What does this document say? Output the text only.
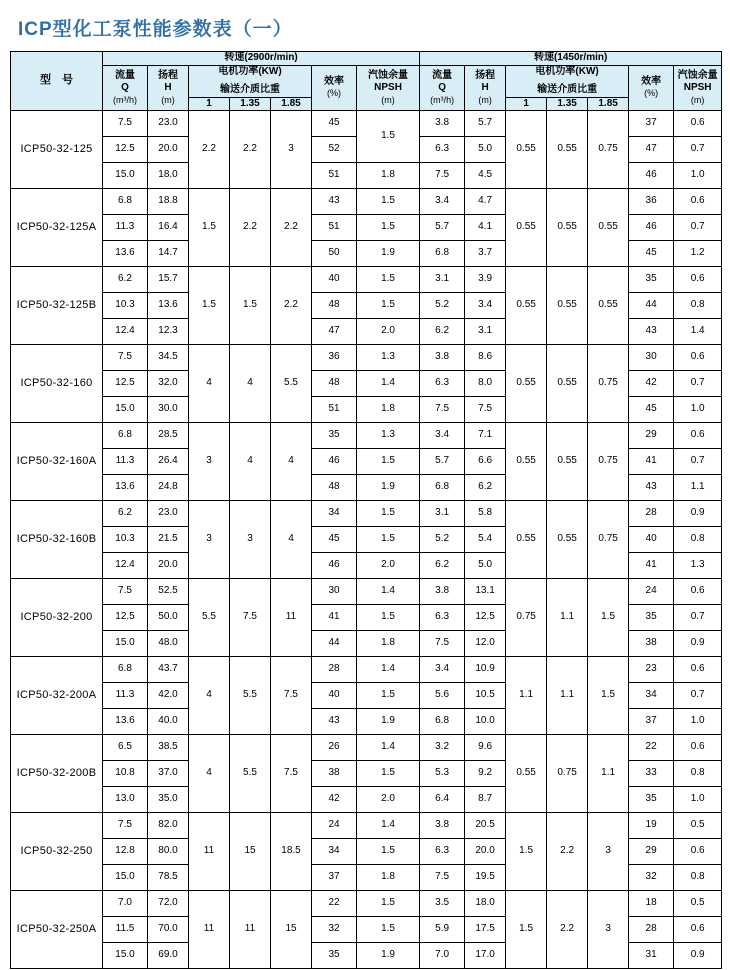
ICP型化工泵性能参数表（一）
型　号	转速(2900r/min)							转速(1450r/min)						

	流量
Q
(m³/h)	扬程
H
(m)	电机功率(KW)
输送介质比重			效率
(%)	汽蚀余量
NPSH
(m)	流量
Q
(m³/h)	扬程
H
(m)	电机功率(KW)
输送介质比重			效率
(%)	汽蚀余量
NPSH
(m)

			1	1.35	1.85					1	1.35	1.85		
ICP50-32-125	7.5	23.0	2.2	2.2	3	45	1.5	3.8	5.7	0.55	0.55	0.75	37	0.6
	12.5	20.0				52		6.3	5.0				47	0.7
	15.0	18.0				51	1.8	7.5	4.5				46	1.0
ICP50-32-125A	6.8	18.8	1.5	2.2	2.2	43	1.5	3.4	4.7	0.55	0.55	0.55	36	0.6
	11.3	16.4				51	1.5	5.7	4.1				46	0.7
	13.6	14.7				50	1.9	6.8	3.7				45	1.2
ICP50-32-125B	6.2	15.7	1.5	1.5	2.2	40	1.5	3.1	3.9	0.55	0.55	0.55	35	0.6
	10.3	13.6				48	1.5	5.2	3.4				44	0.8
	12.4	12.3				47	2.0	6.2	3.1				43	1.4
ICP50-32-160	7.5	34.5	4	4	5.5	36	1.3	3.8	8.6	0.55	0.55	0.75	30	0.6
	12.5	32.0				48	1.4	6.3	8.0				42	0.7
	15.0	30.0				51	1.8	7.5	7.5				45	1.0
ICP50-32-160A	6.8	28.5	3	4	4	35	1.3	3.4	7.1	0.55	0.55	0.75	29	0.6
	11.3	26.4				46	1.5	5.7	6.6				41	0.7
	13.6	24.8				48	1.9	6.8	6.2				43	1.1
ICP50-32-160B	6.2	23.0	3	3	4	34	1.5	3.1	5.8	0.55	0.55	0.75	28	0.9
	10.3	21.5				45	1.5	5.2	5.4				40	0.8
	12.4	20.0				46	2.0	6.2	5.0				41	1.3
ICP50-32-200	7.5	52.5	5.5	7.5	11	30	1.4	3.8	13.1	0.75	1.1	1.5	24	0.6
	12.5	50.0				41	1.5	6.3	12.5				35	0.7
	15.0	48.0				44	1.8	7.5	12.0				38	0.9
ICP50-32-200A	6.8	43.7	4	5.5	7.5	28	1.4	3.4	10.9	1.1	1.1	1.5	23	0.6
	11.3	42.0				40	1.5	5.6	10.5				34	0.7
	13.6	40.0				43	1.9	6.8	10.0				37	1.0
ICP50-32-200B	6.5	38.5	4	5.5	7.5	26	1.4	3.2	9.6	0.55	0.75	1.1	22	0.6
	10.8	37.0				38	1.5	5.3	9.2				33	0.8
	13.0	35.0				42	2.0	6.4	8.7				35	1.0
ICP50-32-250	7.5	82.0	11	15	18.5	24	1.4	3.8	20.5	1.5	2.2	3	19	0.5
	12.8	80.0				34	1.5	6.3	20.0				29	0.6
	15.0	78.5				37	1.8	7.5	19.5				32	0.8
ICP50-32-250A	7.0	72.0	11	11	15	22	1.5	3.5	18.0	1.5	2.2	3	18	0.5
	11.5	70.0				32	1.5	5.9	17.5				28	0.6
	15.0	69.0				35	1.9	7.0	17.0				31	0.9
